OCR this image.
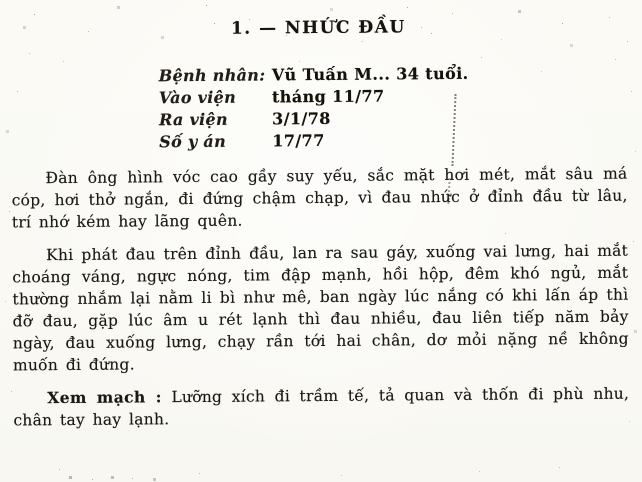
1. — NHỨC ĐẦU
Bệnh nhân: Vũ Tuấn M... 34 tuổi.
Vào viện tháng 11/77
Ra viện	3/1/78
Số y án	17/77

Đàn ông hình vóc cao gầy suy yếu, sắc mặt hơi mét, mắt sâu má cóp, hơi thở ngắn, đi đứng chậm chạp, vì đau nhức ở đỉnh đầu từ lâu, trí nhớ kém hay lãng quên.

Khi phát đau trên đỉnh đầu, lan ra sau gáy, xuống vai lưng, hai mắt choáng váng, ngực nóng, tim đập mạnh, hồi hộp, đêm khó ngủ, mắt thường nhắm lại nằm li bì như mê, ban ngày lúc nắng có khi lấn áp thì đỡ đau, gặp lúc âm u rét lạnh thì đau nhiều, đau liên tiếp năm bảy ngày, đau xuống lưng, chạy rần tới hai chân, dơ mỏi nặng nề không muốn đi đứng.

Xem mạch : Lưỡng xích đi trầm tế, tả quan và thốn đi phù nhu, chân tay hay lạnh.
